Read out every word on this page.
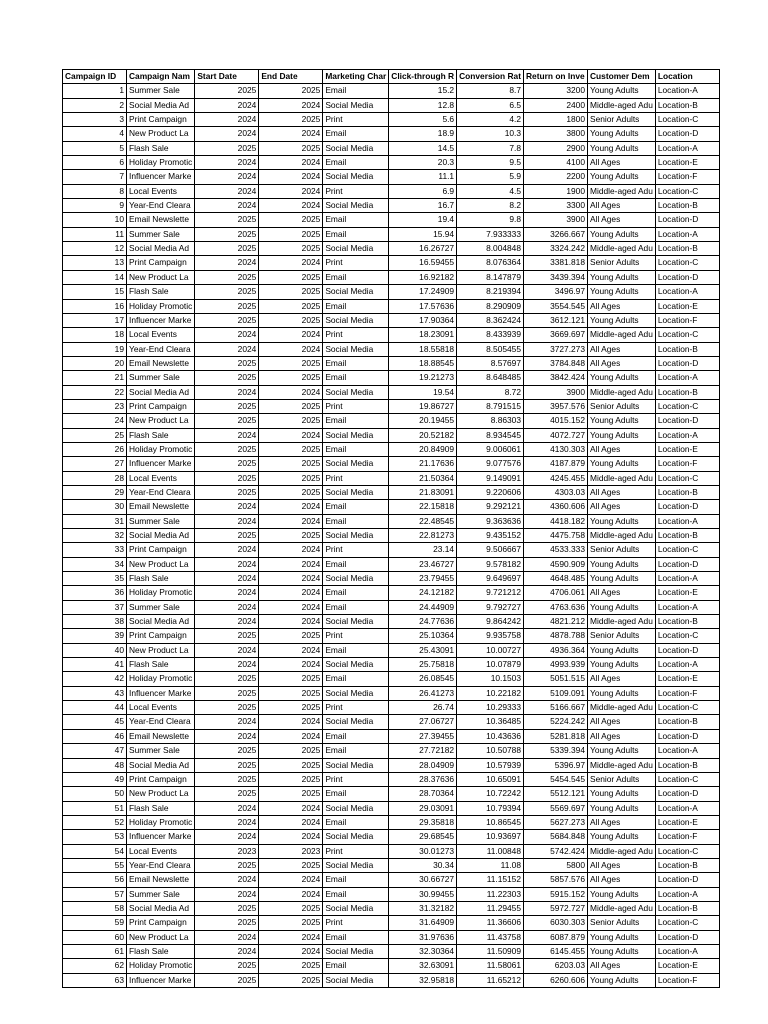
Campaign ID	Campaign Nam	Start Date	End Date	Marketing Char	Click-through R	Conversion Rat	Return on Inve	Customer Dem	Location
1	Summer Sale	2025	2025	Email	15.2	8.7	3200	Young Adults	Location-A
2	Social Media Ad	2024	2024	Social Media	12.8	6.5	2400	Middle-aged Adu	Location-B
3	Print Campaign	2024	2025	Print	5.6	4.2	1800	Senior Adults	Location-C
4	New Product La	2024	2024	Email	18.9	10.3	3800	Young Adults	Location-D
5	Flash Sale	2025	2025	Social Media	14.5	7.8	2900	Young Adults	Location-A
6	Holiday Promotic	2024	2024	Email	20.3	9.5	4100	All Ages	Location-E
7	Influencer Marke	2024	2024	Social Media	11.1	5.9	2200	Young Adults	Location-F
8	Local Events	2024	2024	Print	6.9	4.5	1900	Middle-aged Adu	Location-C
9	Year-End Cleara	2024	2024	Social Media	16.7	8.2	3300	All Ages	Location-B
10	Email Newslette	2025	2025	Email	19.4	9.8	3900	All Ages	Location-D
11	Summer Sale	2025	2025	Email	15.94	7.933333	3266.667	Young Adults	Location-A
12	Social Media Ad	2025	2025	Social Media	16.26727	8.004848	3324.242	Middle-aged Adu	Location-B
13	Print Campaign	2024	2024	Print	16.59455	8.076364	3381.818	Senior Adults	Location-C
14	New Product La	2025	2025	Email	16.92182	8.147879	3439.394	Young Adults	Location-D
15	Flash Sale	2025	2025	Social Media	17.24909	8.219394	3496.97	Young Adults	Location-A
16	Holiday Promotic	2025	2025	Email	17.57636	8.290909	3554.545	All Ages	Location-E
17	Influencer Marke	2025	2025	Social Media	17.90364	8.362424	3612.121	Young Adults	Location-F
18	Local Events	2024	2024	Print	18.23091	8.433939	3669.697	Middle-aged Adu	Location-C
19	Year-End Cleara	2024	2024	Social Media	18.55818	8.505455	3727.273	All Ages	Location-B
20	Email Newslette	2025	2025	Email	18.88545	8.57697	3784.848	All Ages	Location-D
21	Summer Sale	2025	2025	Email	19.21273	8.648485	3842.424	Young Adults	Location-A
22	Social Media Ad	2024	2024	Social Media	19.54	8.72	3900	Middle-aged Adu	Location-B
23	Print Campaign	2025	2025	Print	19.86727	8.791515	3957.576	Senior Adults	Location-C
24	New Product La	2025	2025	Email	20.19455	8.86303	4015.152	Young Adults	Location-D
25	Flash Sale	2024	2024	Social Media	20.52182	8.934545	4072.727	Young Adults	Location-A
26	Holiday Promotic	2025	2025	Email	20.84909	9.006061	4130.303	All Ages	Location-E
27	Influencer Marke	2025	2025	Social Media	21.17636	9.077576	4187.879	Young Adults	Location-F
28	Local Events	2025	2025	Print	21.50364	9.149091	4245.455	Middle-aged Adu	Location-C
29	Year-End Cleara	2025	2025	Social Media	21.83091	9.220606	4303.03	All Ages	Location-B
30	Email Newslette	2024	2024	Email	22.15818	9.292121	4360.606	All Ages	Location-D
31	Summer Sale	2024	2024	Email	22.48545	9.363636	4418.182	Young Adults	Location-A
32	Social Media Ad	2025	2025	Social Media	22.81273	9.435152	4475.758	Middle-aged Adu	Location-B
33	Print Campaign	2024	2024	Print	23.14	9.506667	4533.333	Senior Adults	Location-C
34	New Product La	2024	2024	Email	23.46727	9.578182	4590.909	Young Adults	Location-D
35	Flash Sale	2024	2024	Social Media	23.79455	9.649697	4648.485	Young Adults	Location-A
36	Holiday Promotic	2024	2024	Email	24.12182	9.721212	4706.061	All Ages	Location-E
37	Summer Sale	2024	2024	Email	24.44909	9.792727	4763.636	Young Adults	Location-A
38	Social Media Ad	2024	2024	Social Media	24.77636	9.864242	4821.212	Middle-aged Adu	Location-B
39	Print Campaign	2025	2025	Print	25.10364	9.935758	4878.788	Senior Adults	Location-C
40	New Product La	2024	2024	Email	25.43091	10.00727	4936.364	Young Adults	Location-D
41	Flash Sale	2024	2024	Social Media	25.75818	10.07879	4993.939	Young Adults	Location-A
42	Holiday Promotic	2025	2025	Email	26.08545	10.1503	5051.515	All Ages	Location-E
43	Influencer Marke	2025	2025	Social Media	26.41273	10.22182	5109.091	Young Adults	Location-F
44	Local Events	2025	2025	Print	26.74	10.29333	5166.667	Middle-aged Adu	Location-C
45	Year-End Cleara	2024	2024	Social Media	27.06727	10.36485	5224.242	All Ages	Location-B
46	Email Newslette	2024	2024	Email	27.39455	10.43636	5281.818	All Ages	Location-D
47	Summer Sale	2025	2025	Email	27.72182	10.50788	5339.394	Young Adults	Location-A
48	Social Media Ad	2025	2025	Social Media	28.04909	10.57939	5396.97	Middle-aged Adu	Location-B
49	Print Campaign	2025	2025	Print	28.37636	10.65091	5454.545	Senior Adults	Location-C
50	New Product La	2025	2025	Email	28.70364	10.72242	5512.121	Young Adults	Location-D
51	Flash Sale	2024	2024	Social Media	29.03091	10.79394	5569.697	Young Adults	Location-A
52	Holiday Promotic	2024	2024	Email	29.35818	10.86545	5627.273	All Ages	Location-E
53	Influencer Marke	2024	2024	Social Media	29.68545	10.93697	5684.848	Young Adults	Location-F
54	Local Events	2023	2023	Print	30.01273	11.00848	5742.424	Middle-aged Adu	Location-C
55	Year-End Cleara	2025	2025	Social Media	30.34	11.08	5800	All Ages	Location-B
56	Email Newslette	2024	2024	Email	30.66727	11.15152	5857.576	All Ages	Location-D
57	Summer Sale	2024	2024	Email	30.99455	11.22303	5915.152	Young Adults	Location-A
58	Social Media Ad	2025	2025	Social Media	31.32182	11.29455	5972.727	Middle-aged Adu	Location-B
59	Print Campaign	2025	2025	Print	31.64909	11.36606	6030.303	Senior Adults	Location-C
60	New Product La	2024	2024	Email	31.97636	11.43758	6087.879	Young Adults	Location-D
61	Flash Sale	2024	2024	Social Media	32.30364	11.50909	6145.455	Young Adults	Location-A
62	Holiday Promotic	2025	2025	Email	32.63091	11.58061	6203.03	All Ages	Location-E
63	Influencer Marke	2025	2025	Social Media	32.95818	11.65212	6260.606	Young Adults	Location-F
